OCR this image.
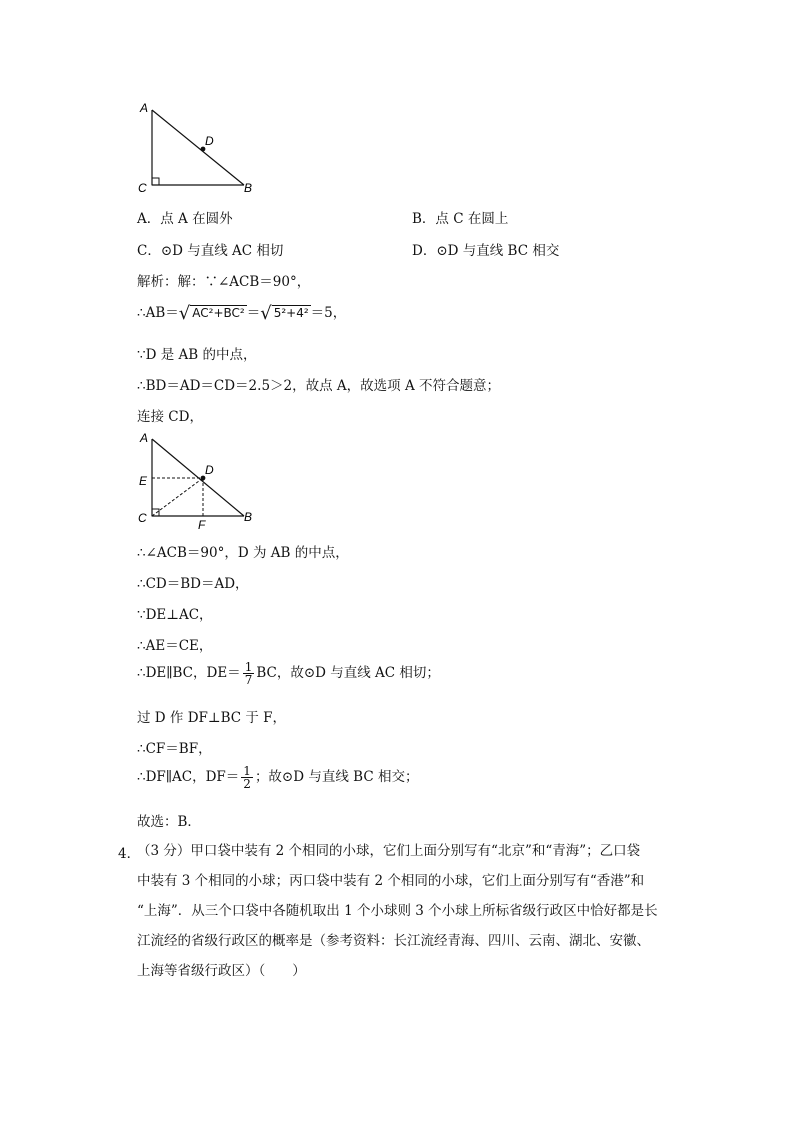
A
D
C	B
A．点 A 在圆外	B．点 C 在圆上
C．⊙D 与直线 AC 相切	D．⊙D 与直线 BC 相交
解析：解：∵∠ACB＝90°，
∴AB＝√ AC²+BC² ＝√ 5²+4² ＝5，
∵D 是 AB 的中点，
∴BD＝AD＝CD＝2.5＞2，故点 A，故选项 A 不符合题意；
连接 CD，
A
D
E
C	F
B
∴∠ACB＝90°，D 为 AB 的中点，
∴CD＝BD＝AD，
∵DE⊥AC，
∴AE＝CE，
∴DE∥BC，$DE= \frac{1}{7}$ BC，故⊙D 与直线 AC 相切；
过 D 作 DF⊥BC 于 F，
∴CF＝BF，
∴DF∥AC，$DF= \frac{1}{2}$ ；故⊙D 与直线 BC 相交；
故选：B．
4．

（3 分）甲口袋中装有 2 个相同的小球，它们上面分别写有“北京”和“青海”；乙口袋

中装有 3 个相同的小球；丙口袋中装有 2 个相同的小球，它们上面分别写有“香港”和

“上海”．从三个口袋中各随机取出 1 个小球则 3 个小球上所标省级行政区中恰好都是长

江流经的省级行政区的概率是（参考资料：长江流经青海、四川、云南、湖北、安徽、

上海等省级行政区）（　　）
